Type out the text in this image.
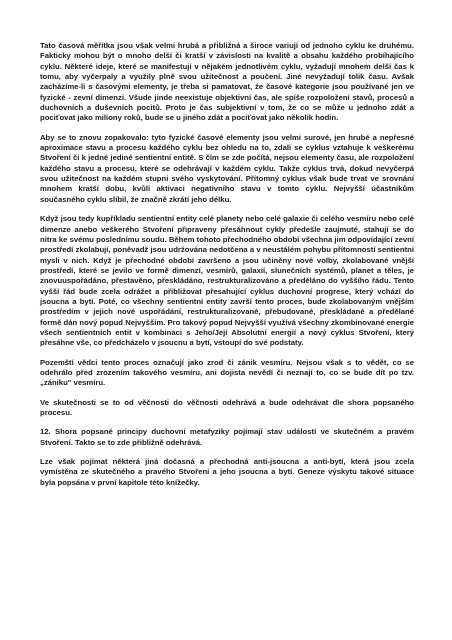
Tato časová měřítka jsou však velmi hrubá a přibližná a široce variují od jednoho cyklu ke druhému. Fakticky mohou být o mnoho delší či kratší v závislosti na kvalitě a obsahu každého probíhajícího cyklu. Některé ideje, které se manifestují v nějakém jednotlivém cyklu, vyžadují mnohem delší čas k tomu, aby vyčerpaly a využily plně svou užitečnost a poučení. Jiné nevyžadují tolik času. Avšak zacházíme-li s časovými elementy, je třeba si pamatovat, že časové kategorie jsou používané jen ve fyzické - zevní dimenzi. Všude jinde neexistuje objektivní čas, ale spíše rozpoložení stavů, procesů a duchovních a duševních pocitů. Proto je čas subjektivní v tom, že co se může u jednoho zdát a pociťovat jako miliony roků, bude se u jiného zdát a pociťovat jako několik hodin.

Aby se to znovu zopakovalo: tyto fyzické časové elementy jsou velmi surové, jen hrubé a nepřesné aproximace stavu a procesu každého cyklu bez ohledu na to, zdali se cyklus vztahuje k veškerému Stvoření či k jedné jediné sentientní entitě. S čím se zde počítá, nejsou elementy času, ale rozpoložení každého stavu a procesu, které se odehrávají v každém cyklu. Takže cyklus trvá, dokud nevyčerpá svou užitečnost na každém stupni svého vyskytování. Přítomný cyklus však bude trvat ve srovnání mnohem kratší dobu, kvůli aktivaci negativního stavu v tomto cyklu. Nejvyšší účastníkům současného cyklu slíbil, že značně zkrátí jeho délku.

Když jsou tedy kupříkladu sentientní entity celé planety nebo celé galaxie či celého vesmíru nebo celé dimenze anebo veškerého Stvoření připraveny přesáhnout cykly předešle zaujmuté, stahují se do nitra ke svému poslednímu soudu. Během tohoto přechodného období všechna jim odpovídající zevní prostředí zkolabují, poněvadž jsou udržována nedotčena a v neustálém pohybu přítomností sentientní mysli v nich. Když je přechodné období završeno a jsou učiněny nové volby, zkolabované vnější prostředí, které se jevilo ve formě dimenzí, vesmírů, galaxií, slunečních systémů, planet a těles, je znovuuspořádáno, přestavěno, přeskládáno, restrukturalizováno a předěláno do vyššího řádu. Tento vyšší řád bude zcela odrážet a přibližovat přesahující cyklus duchovní progrese, který vchází do jsoucna a bytí. Poté, co všechny sentientní entity završí tento proces, bude zkolabovaným vnějším prostředím v jejich nové uspořádání, restrukturalizované, přebudované, přeskládané a předělané formě dán nový popud Nejvyšším. Pro takový popud Nejvyšší využívá všechny zkombinované energie všech sentientních entit v kombinaci s Jeho/Její Absolutní energií a nový cyklus Stvoření, který přesáhne vše, co předcházelo v jsoucnu a bytí, vstoupí do své podstaty.

Pozemští vědci tento proces označují jako zrod či zánik vesmíru. Nejsou však s to vědět, co se odehrálo před zrozením takového vesmíru, ani dojista nevědí či neznají to, co se bude dít po tzv. „zániku" vesmíru.

Ve skutečnosti se to od věčnosti do věčnosti odehrává a bude odehrávat dle shora popsaného procesu.

12. Shora popsané principy duchovní metafyziky pojímají stav událostí ve skutečném a pravém Stvoření. Takto se to zde přibližně odehrává.

Lze však pojímat některá jiná dočasná a přechodná anti-jsoucna a anti-bytí, která jsou zcela vymístěna ze skutečného a pravého Stvoření a jeho jsoucna a bytí. Geneze výskytu takové situace byla popsána v první kapitole této knížečky.
